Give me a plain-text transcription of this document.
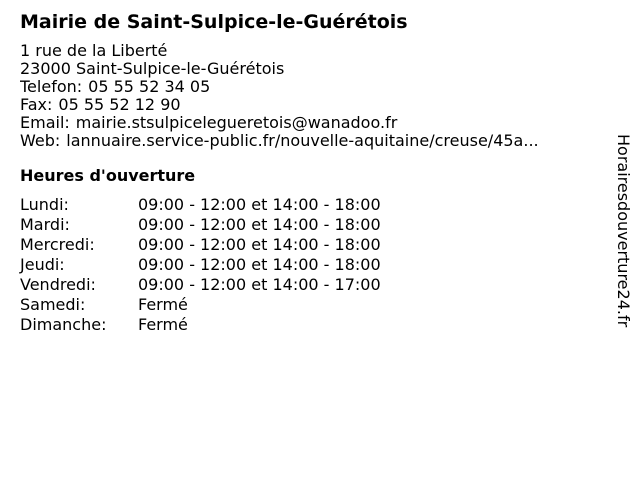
Mairie de Saint-Sulpice-le-Guérétois
1 rue de la Liberté
23000 Saint-Sulpice-le-Guérétois
Telefon: 05 55 52 34 05
Fax: 05 55 52 12 90
Email: mairie.stsulpicelegueretois@wanadoo.fr
Web: lannuaire.service-public.fr/nouvelle-aquitaine/creuse/45a...
Heures d'ouverture
Lundi:	09:00 - 12:00 et 14:00 - 18:00
Mardi:	09:00 - 12:00 et 14:00 - 18:00
Mercredi:	09:00 - 12:00 et 14:00 - 18:00
Jeudi:	09:00 - 12:00 et 14:00 - 18:00
Vendredi:	09:00 - 12:00 et 14:00 - 17:00
Samedi:	Fermé
Dimanche:	Fermé	Horairesdouverture24.fr
